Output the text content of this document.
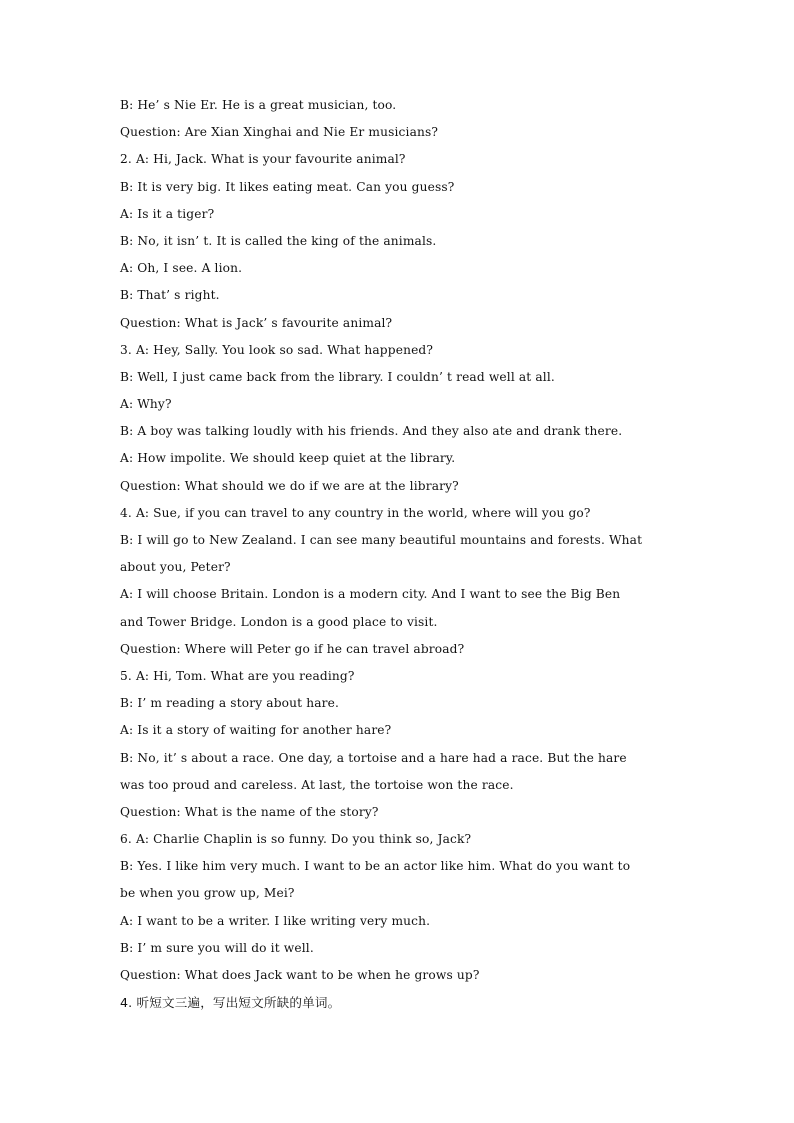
B: He’ s Nie Er. He is a great musician, too.
Question: Are Xian Xinghai and Nie Er musicians?
2. A: Hi, Jack. What is your favourite animal?
B: It is very big. It likes eating meat. Can you guess?
A: Is it a tiger?
B: No, it isn’ t. It is called the king of the animals.
A: Oh, I see. A lion.
B: That’ s right.
Question: What is Jack’ s favourite animal?
3. A: Hey, Sally. You look so sad. What happened?
B: Well, I just came back from the library. I couldn’ t read well at all.
A: Why?
B: A boy was talking loudly with his friends. And they also ate and drank there.
A: How impolite. We should keep quiet at the library.
Question: What should we do if we are at the library?
4. A: Sue, if you can travel to any country in the world, where will you go?
B: I will go to New Zealand. I can see many beautiful mountains and forests. What
about you, Peter?
A: I will choose Britain. London is a modern city. And I want to see the Big Ben
and Tower Bridge. London is a good place to visit.
Question: Where will Peter go if he can travel abroad?
5. A: Hi, Tom. What are you reading?
B: I’ m reading a story about hare.
A: Is it a story of waiting for another hare?
B: No, it’ s about a race. One day, a tortoise and a hare had a race. But the hare
was too proud and careless. At last, the tortoise won the race.
Question: What is the name of the story?
6. A: Charlie Chaplin is so funny. Do you think so, Jack?
B: Yes. I like him very much. I want to be an actor like him. What do you want to
be when you grow up, Mei?
A: I want to be a writer. I like writing very much.
B: I’ m sure you will do it well.
Question: What does Jack want to be when he grows up?
4. 听短文三遍，写出短文所缺的单词。
